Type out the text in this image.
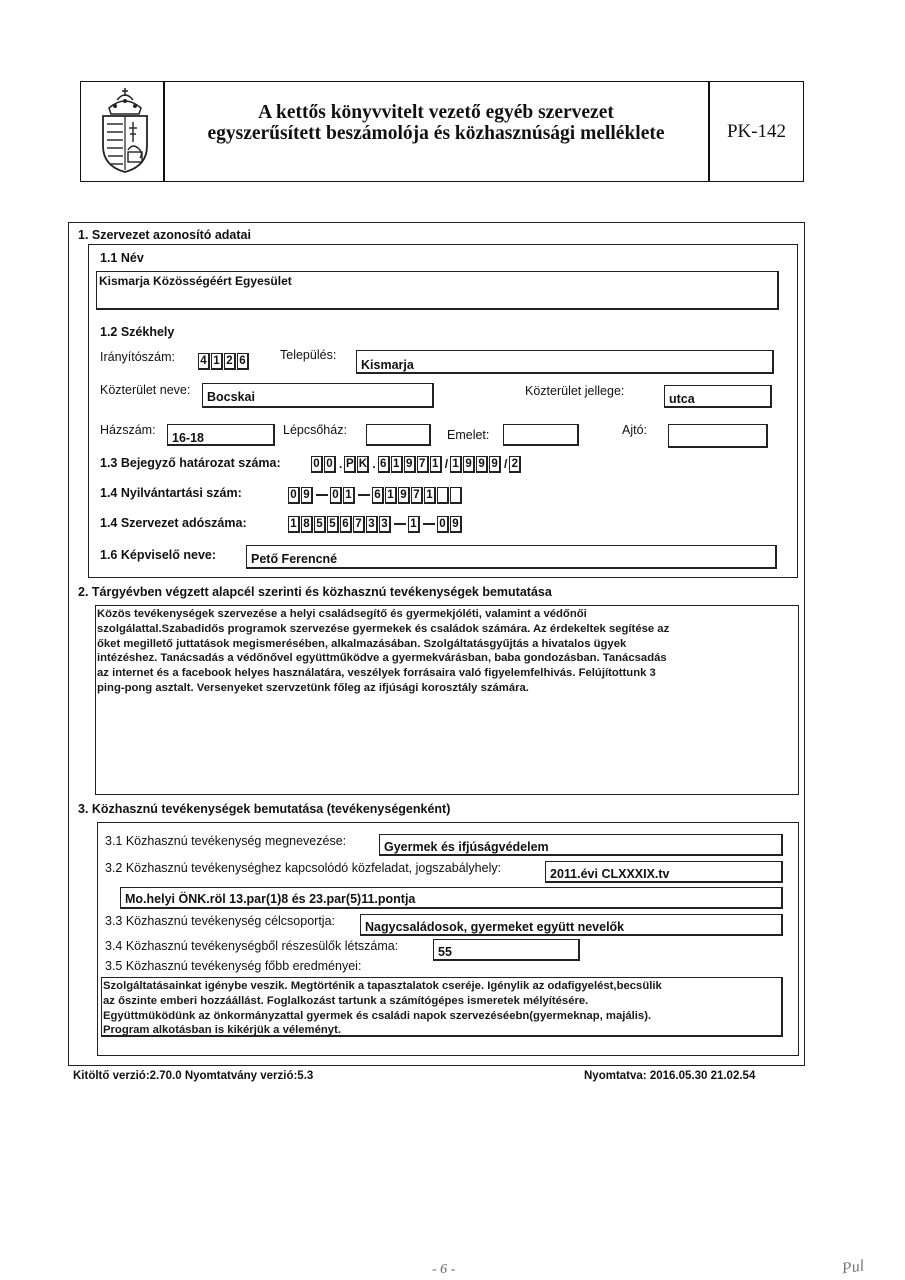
A kettős könyvvitelt vezető egyéb szervezet
egyszerűsített beszámolója és közhasznúsági melléklete	PK-142
1. Szervezet azonosító adatai
1.1 Név
Kismarja Közösségéért Egyesület
1.2 Székhely
Irányítószám: 4 1 2 6	Település:
Kismarja
Közterület neve:	Bocskai	Közterület jellege:
utca
Házszám:
16-18
Lépcsőház:	Emelet:	Ajtó:
1.3 Bejegyző határozat száma:	0 0 . P K . 6 1 9 7 1 / 1 9 9 9 / 2
1.4 Nyilvántartási szám:	0 9 0 1 6 1 9 7 1
1.4 Szervezet adószáma:	1 8 5 5 6 7 3 3 1 0 9
1.6 Képviselő neve:	Pető Ferencné
2. Tárgyévben végzett alapcél szerinti és közhasznú tevékenységek bemutatása
Közös tevékenységek szervezése a helyi családsegítő és gyermekjóléti, valamint a védőnői
szolgálattal.Szabadidős programok szervezése gyermekek és családok számára. Az érdekeltek segítése az
őket megillető juttatások megismerésében, alkalmazásában. Szolgáltatásgyűjtás a hivatalos ügyek
intézéshez. Tanácsadás a védőnővel együttműködve a gyermekvárásban, baba gondozásban. Tanácsadás
az internet és a facebook helyes használatára, veszélyek forrásaira való figyelemfelhivás. Felújítottunk 3
ping-pong asztalt. Versenyeket szervzetünk főleg az ifjúsági korosztály számára.
3. Közhasznú tevékenységek bemutatása (tevékenységenként)
3.1 Közhasznú tevékenység megnevezése:	Gyermek és ifjúságvédelem
3.2 Közhasznú tevékenységhez kapcsolódó közfeladat, jogszabályhely:	2011.évi CLXXXIX.tv
Mo.helyi ÖNK.röl 13.par(1)8 és 23.par(5)11.pontja
3.3 Közhasznú tevékenység célcsoportja:	Nagycsaládosok, gyermeket együtt nevelők
3.4 Közhasznú tevékenységből részesülők létszáma:	55
3.5 Közhasznú tevékenység főbb eredményei:
Szolgáltatásainkat igénybe veszik. Megtörténik a tapasztalatok cseréje. Igénylik az odafigyelést,becsülik
az őszinte emberi hozzáállást. Foglalkozást tartunk a számítógépes ismeretek mélyítésére.
Együttmüködünk az önkormányzattal gyermek és családi napok szervezéséebn(gyermeknap, majális).
Program alkotásban is kikérjük a véleményt.
Kitöltő verzió:2.70.0 Nyomtatvány verzió:5.3	Nyomtatva: 2016.05.30 21.02.54
- 6 -	Pul
